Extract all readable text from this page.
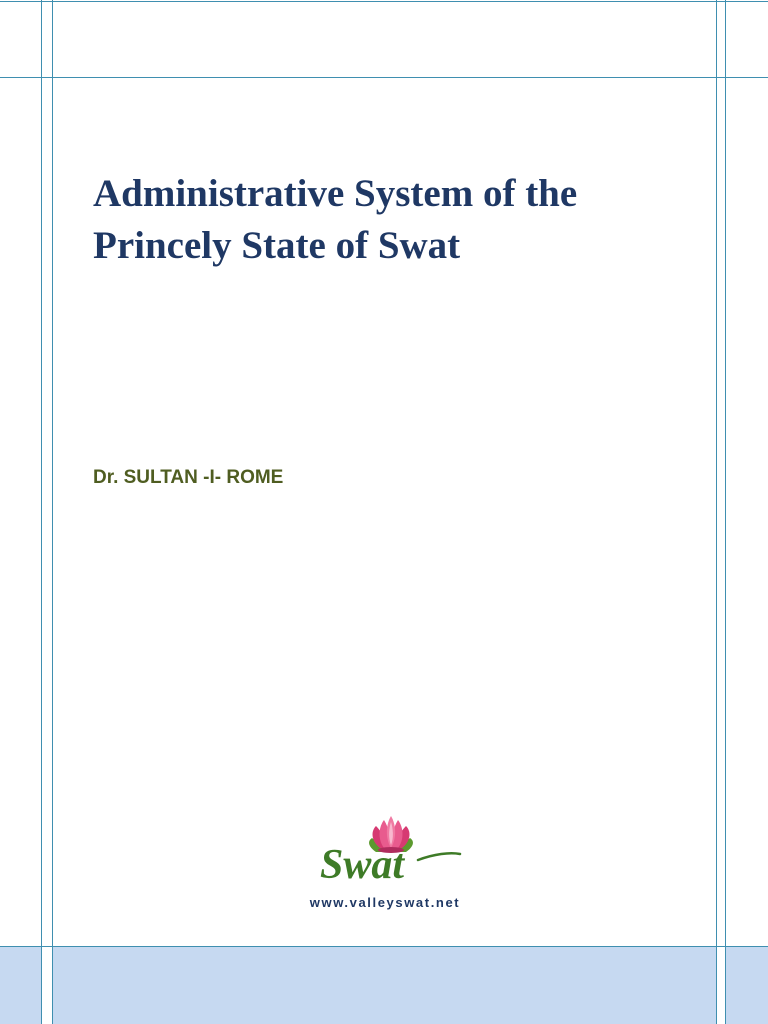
Administrative System of the
Princely State of Swat

Dr. SULTAN -I- ROME

Swat

www.valleyswat.net
